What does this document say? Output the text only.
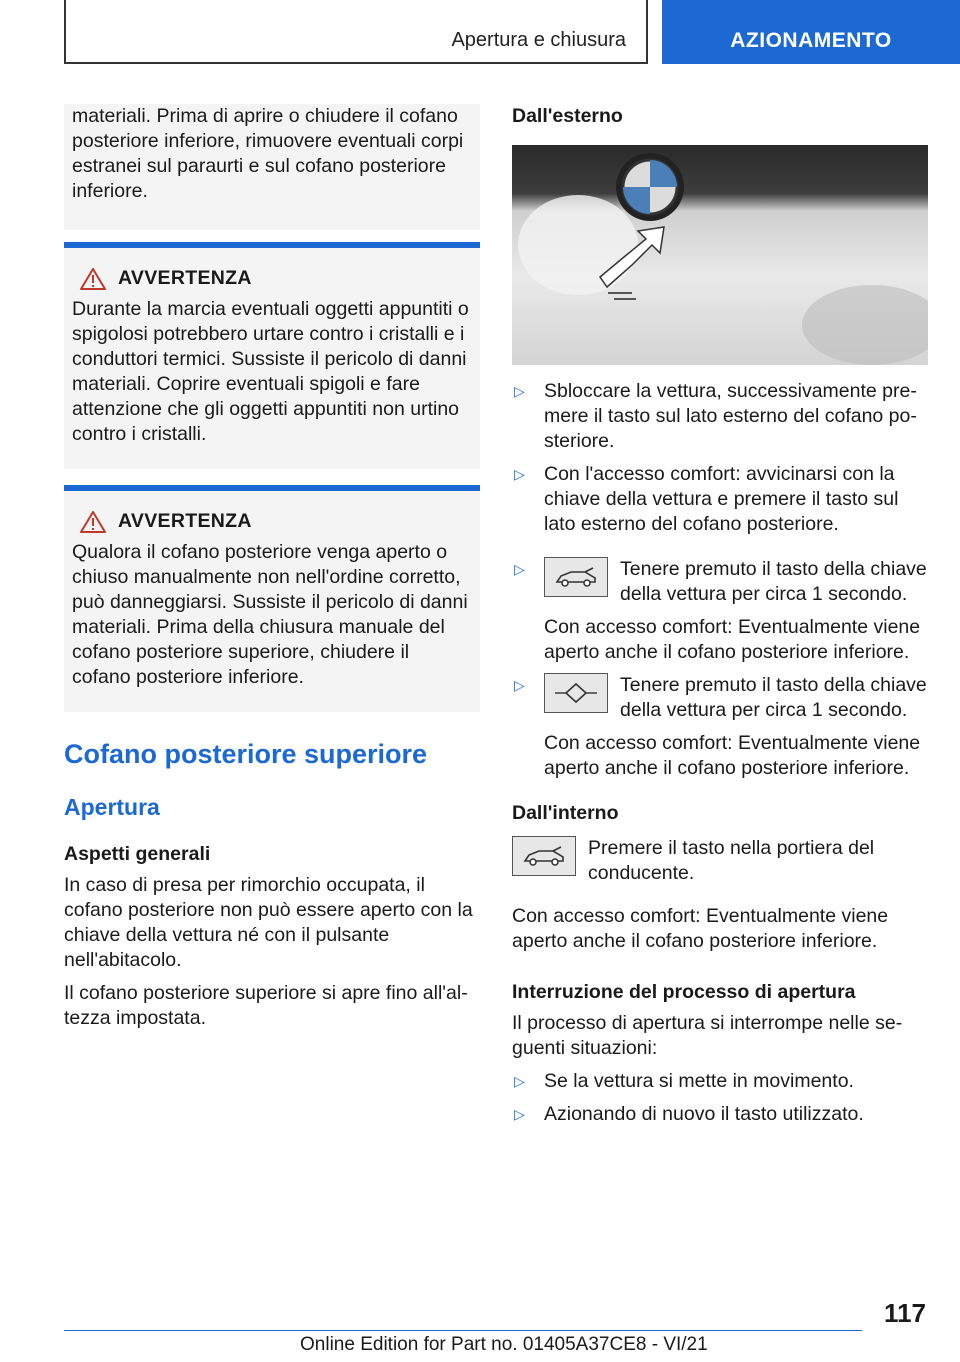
Apertura e chiusura	AZIONAMENTO

materiali. Prima di aprire o chiudere il cofano posteriore inferiore, rimuovere eventuali corpi estranei sul paraurti e sul cofano posteriore inferiore.

AVVERTENZA

Durante la marcia eventuali oggetti appuntiti o spigolosi potrebbero urtare contro i cristalli e i conduttori termici. Sussiste il pericolo di danni materiali. Coprire eventuali spigoli e fare attenzione che gli oggetti appuntiti non urtino contro i cristalli.

AVVERTENZA

Qualora il cofano posteriore venga aperto o chiuso manualmente non nell'ordine corretto, può danneggiarsi. Sussiste il pericolo di danni materiali. Prima della chiusura manuale del cofano posteriore superiore, chiudere il cofano posteriore inferiore.

Cofano posteriore superiore
Apertura
Aspetti generali

In caso di presa per rimorchio occupata, il cofano posteriore non può essere aperto con la chiave della vettura né con il pulsante nell'abitacolo.

Il cofano posteriore superiore si apre fino all'altezza impostata.

Dall'esterno
▷ Sbloccare la vettura, successivamente premere il tasto sul lato esterno del cofano posteriore.
▷ Con l'accesso comfort: avvicinarsi con la chiave della vettura e premere il tasto sul lato esterno del cofano posteriore.
▷	Tenere premuto il tasto della chiave della vettura per circa 1 secondo.

Con accesso comfort: Eventualmente viene aperto anche il cofano posteriore inferiore.

▷	Tenere premuto il tasto della chiave della vettura per circa 1 secondo.

Con accesso comfort: Eventualmente viene aperto anche il cofano posteriore inferiore.

Dall'interno
Premere il tasto nella portiera del conducente.

Con accesso comfort: Eventualmente viene aperto anche il cofano posteriore inferiore.

Interruzione del processo di apertura

Il processo di apertura si interrompe nelle seguenti situazioni:

▷ Se la vettura si mette in movimento.
▷ Azionando di nuovo il tasto utilizzato.
117
Online Edition for Part no. 01405A37CE8 - VI/21
